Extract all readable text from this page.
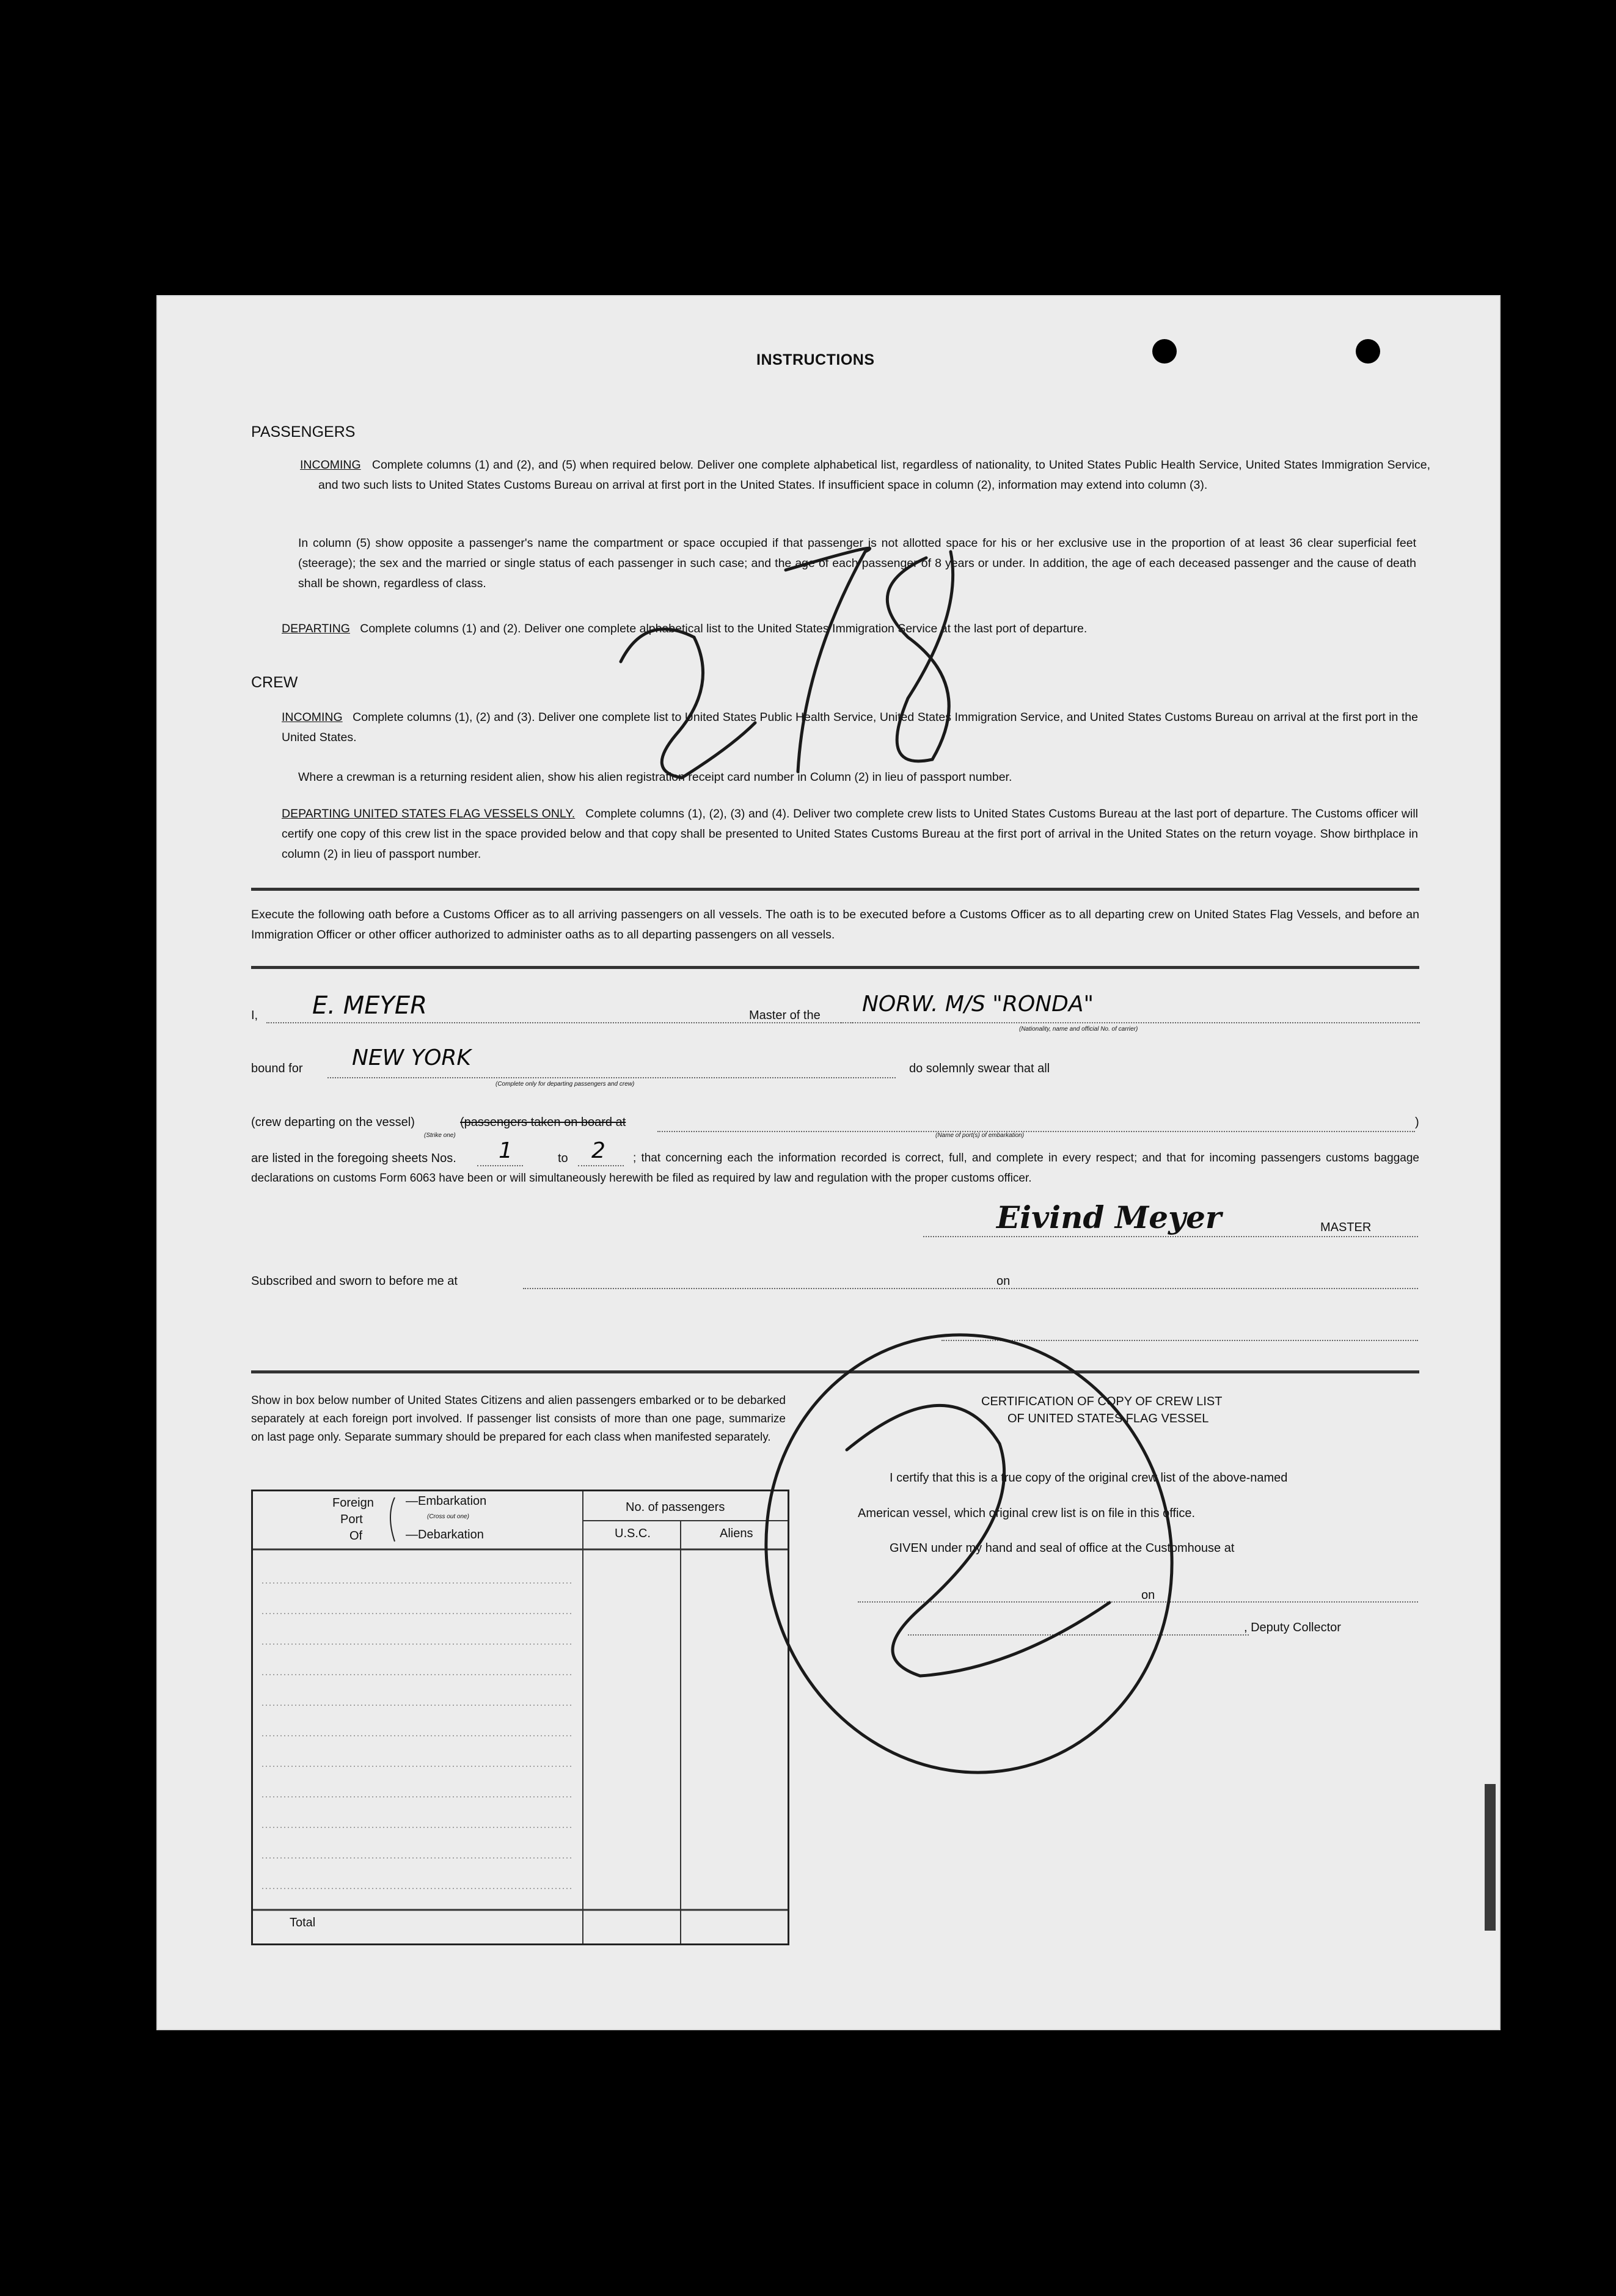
INSTRUCTIONS
PASSENGERS
INCOMING Complete columns (1) and (2), and (5) when required below. Deliver one complete alphabetical list, regardless of nationality, to United States Public Health Service, United States Immigration Service, and two such lists to United States Customs Bureau on arrival at first port in the United States. If insufficient space in column (2), information may extend into column (3).
In column (5) show opposite a passenger's name the compartment or space occupied if that passenger is not allotted space for his or her exclusive use in the proportion of at least 36 clear superficial feet (steerage); the sex and the married or single status of each passenger in such case; and the age of each passenger of 8 years or under. In addition, the age of each deceased passenger and the cause of death shall be shown, regardless of class.
DEPARTING Complete columns (1) and (2). Deliver one complete alphabetical list to the United States Immigration Service at the last port of departure.
CREW
INCOMING Complete columns (1), (2) and (3). Deliver one complete list to United States Public Health Service, United States Immigration Service, and United States Customs Bureau on arrival at the first port in the United States.
Where a crewman is a returning resident alien, show his alien registration receipt card number in Column (2) in lieu of passport number.
DEPARTING UNITED STATES FLAG VESSELS ONLY. Complete columns (1), (2), (3) and (4). Deliver two complete crew lists to United States Customs Bureau at the last port of departure. The Customs officer will certify one copy of this crew list in the space provided below and that copy shall be presented to United States Customs Bureau at the first port of arrival in the United States on the return voyage. Show birthplace in column (2) in lieu of passport number.
Execute the following oath before a Customs Officer as to all arriving passengers on all vessels. The oath is to be executed before a Customs Officer as to all departing crew on United States Flag Vessels, and before an Immigration Officer or other officer authorized to administer oaths as to all departing passengers on all vessels.
I, E. MEYER	Master of the NORW. M/S "RONDA"
(Nationality, name and official No. of carrier)
bound for NEW YORK
(Complete only for departing passengers and crew)
do solemnly swear that all
(crew departing on the vessel)	(passengers taken on board at	)
(Strike one)	(Name of port(s) of embarkation)
are listed in the foregoing sheets Nos. 1	to 2	; that concerning each the information recorded is correct, full, and complete in every respect; and that for incoming passengers customs baggage declarations on customs Form 6063 have been or will simultaneously herewith be filed as required by law and regulation with the proper customs officer.
Eivind Meyer	MASTER
Subscribed and sworn to before me at	on
Show in box below number of United States Citizens and alien passengers embarked or to be debarked separately at each foreign port involved. If passenger list consists of more than one page, summarize on last page only. Separate summary should be prepared for each class when manifested separately.
Foreign
Port
Of
—Embarkation
(Cross out one)
—Debarkation
No. of passengers
U.S.C.	Aliens
Total
CERTIFICATION OF COPY OF CREW LIST
OF UNITED STATES FLAG VESSEL
I certify that this is a true copy of the original crew list of the above-named
American vessel, which original crew list is on file in this office.
GIVEN under my hand and seal of office at the Customhouse at
on
, Deputy Collector
